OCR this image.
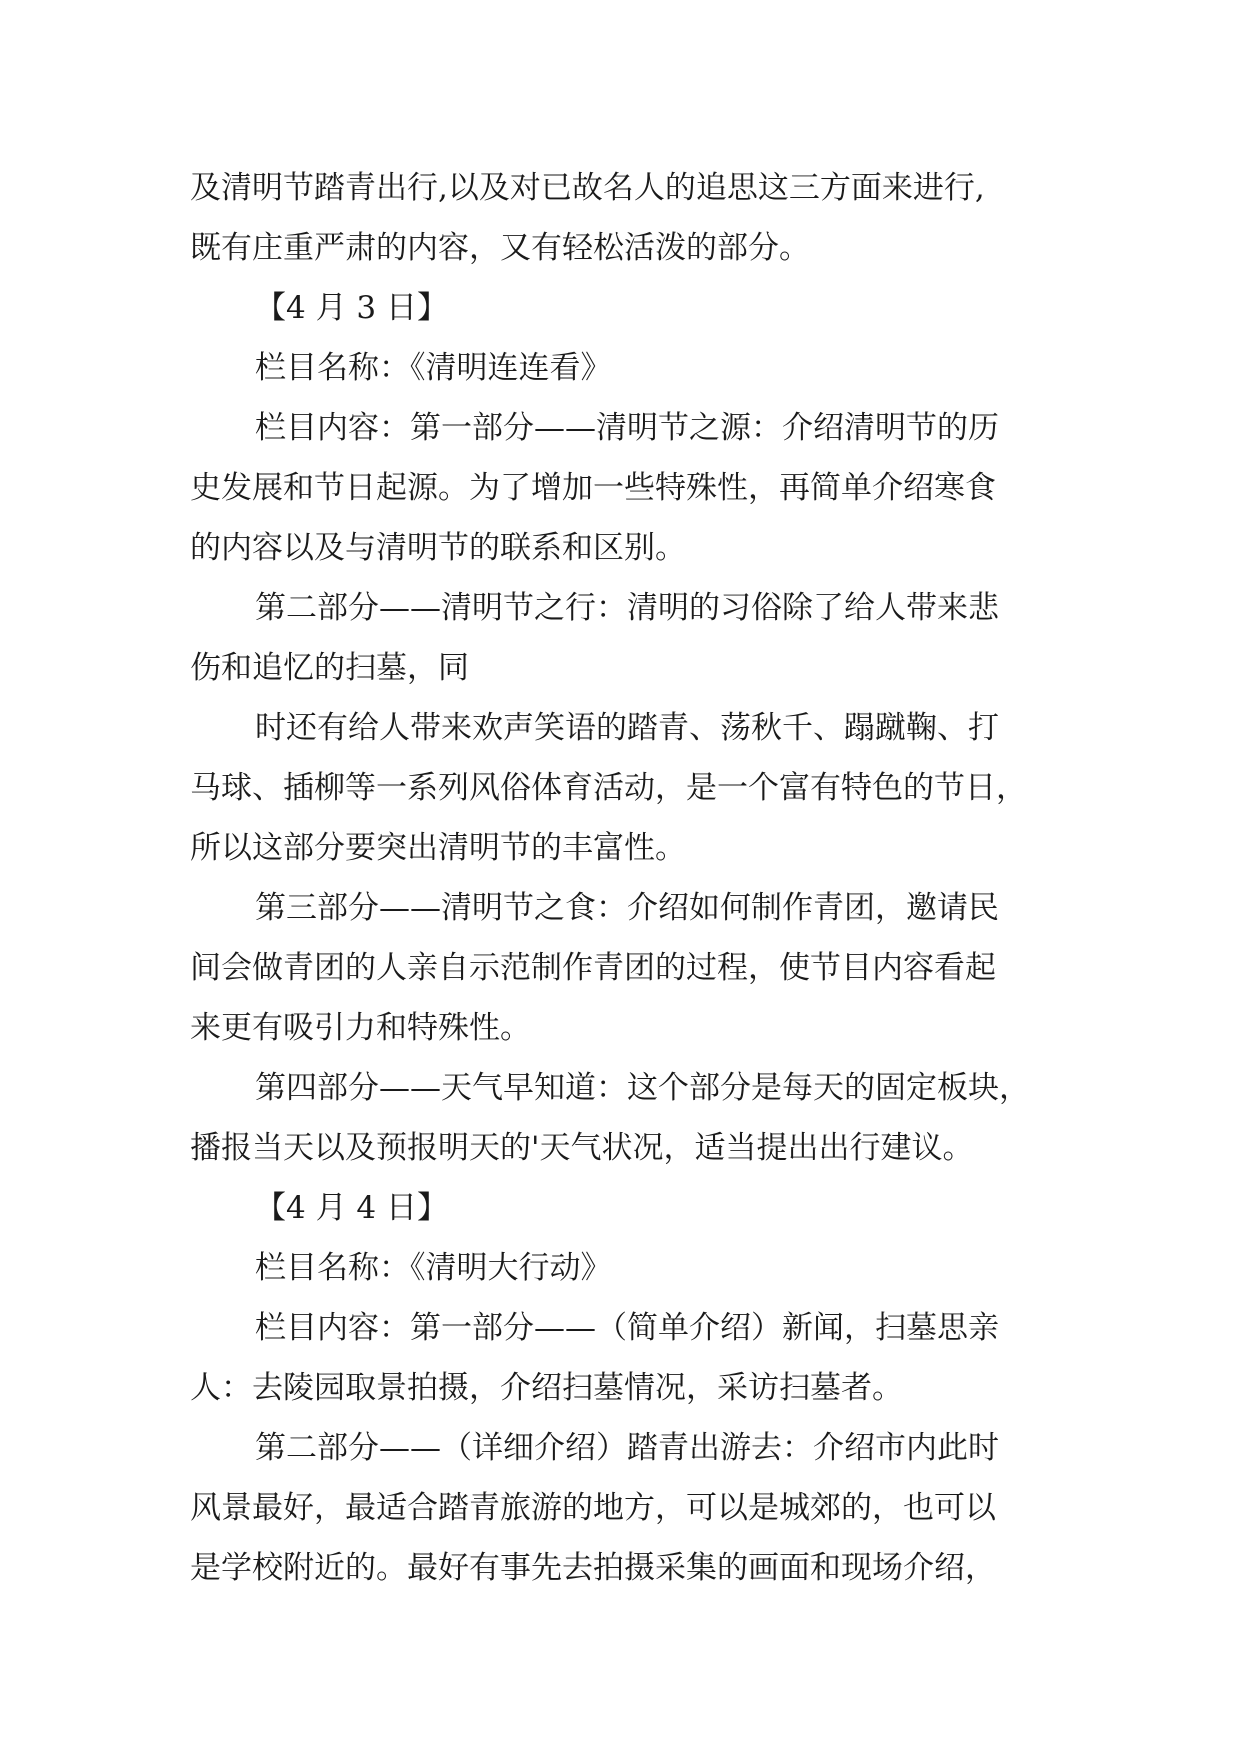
及清明节踏青出行,以及对已故名人的追思这三方面来进行,

既有庄重严肃的内容，又有轻松活泼的部分。

【4 月 3 日】

栏目名称：《清明连连看》

栏目内容：第一部分——清明节之源：介绍清明节的历

史发展和节日起源。为了增加一些特殊性，再简单介绍寒食

的内容以及与清明节的联系和区别。

第二部分——清明节之行：清明的习俗除了给人带来悲

伤和追忆的扫墓，同

时还有给人带来欢声笑语的踏青、荡秋千、蹋蹴鞠、打

马球、插柳等一系列风俗体育活动，是一个富有特色的节日，

所以这部分要突出清明节的丰富性。

第三部分——清明节之食：介绍如何制作青团，邀请民

间会做青团的人亲自示范制作青团的过程，使节目内容看起

来更有吸引力和特殊性。

第四部分——天气早知道：这个部分是每天的固定板块，

播报当天以及预报明天的'天气状况，适当提出出行建议。

【4 月 4 日】

栏目名称：《清明大行动》

栏目内容：第一部分——（简单介绍）新闻，扫墓思亲

人：去陵园取景拍摄，介绍扫墓情况，采访扫墓者。

第二部分——（详细介绍）踏青出游去：介绍市内此时

风景最好，最适合踏青旅游的地方，可以是城郊的，也可以

是学校附近的。最好有事先去拍摄采集的画面和现场介绍，
